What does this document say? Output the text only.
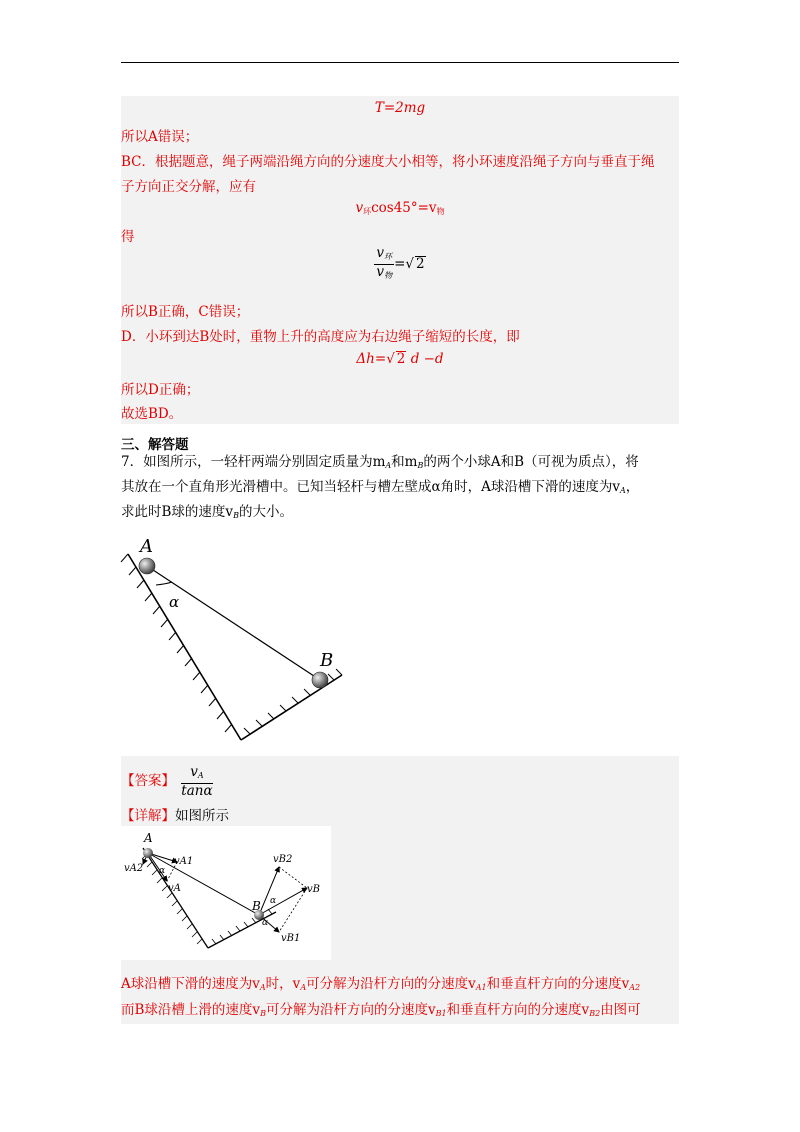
T=2mg
所以A错误；
BC．根据题意，绳子两端沿绳方向的分速度大小相等，将小环速度沿绳子方向与垂直于绳
子方向正交分解，应有
$v_环\cos 45^\circ=v_物$
得
$\frac{v_环}{v_物}$ =√ 2
所以B正确，C错误；
D．小环到达B处时，重物上升的高度应为右边绳子缩短的长度，即
Δh=√ 2 d −d
所以D正确；
故选BD。
三、解答题
7．如图所示，一轻杆两端分别固定质量为$m_A$和$m_B$的两个小球A和B（可视为质点），将
其放在一个直角形光滑槽中。已知当轻杆与槽左壁成α角时，A球沿槽下滑的速度为$v_A$，
求此时B球的速度$v_B$的大小。
A
B
α
【答案】 $\frac{v_A}{\tan\alpha}$
【详解】如图所示
A
vA1
vA2
vA
α
B
vB2
vB
vB1
α
α
A球沿槽下滑的速度为$v_A$时，$v_A$可分解为沿杆方向的分速度$v_{A1}$和垂直杆方向的分速度$v_{A2}$
而B球沿槽上滑的速度$v_B$可分解为沿杆方向的分速度$v_{B1}$和垂直杆方向的分速度$v_{B2}$由图可
